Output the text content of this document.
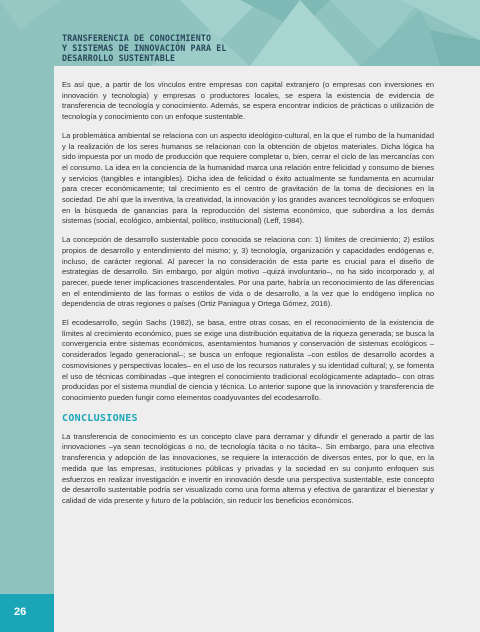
TRANSFERENCIA DE CONOCIMIENTO
Y SISTEMAS DE INNOVACIÓN PARA EL
DESARROLLO SUSTENTABLE

Es así que, a partir de los vínculos entre empresas con capital extranjero (o empresas con inversiones en innovación y tecnología) y empresas o productores locales, se espera la existencia de evidencia de transferencia de tecnología y conocimiento. Además, se espera encontrar indicios de prácticas o utilización de tecnología y conocimiento con un enfoque sustentable.

La problemática ambiental se relaciona con un aspecto ideológico-cultural, en la que el rumbo de la humanidad y la realización de los seres humanos se relacionan con la obtención de objetos materiales. Dicha lógica ha sido impuesta por un modo de producción que requiere completar o, bien, cerrar el ciclo de las mercancías con el consumo. La idea en la conciencia de la humanidad marca una relación entre felicidad y consumo de bienes y servicios (tangibles e intangibles). Dicha idea de felicidad o éxito actualmente se fundamenta en acumular para crecer económicamente; tal crecimiento es el centro de gravitación de la toma de decisiones en la sociedad. De ahí que la inventiva, la creatividad, la innovación y los grandes avances tecnológicos se enfoquen en la búsqueda de ganancias para la reproducción del sistema económico, que subordina a los demás sistemas (social, ecológico, ambiental, político, institucional) (Leff, 1984).

La concepción de desarrollo sustentable poco conocida se relaciona con: 1) límites de crecimiento; 2) estilos propios de desarrollo y entendimiento del mismo; y, 3) tecnología, organización y capacidades endógenas e, incluso, de carácter regional. Al parecer la no consideración de esta parte es crucial para el diseño de estrategias de desarrollo. Sin embargo, por algún motivo –quizá involuntario–, no ha sido incorporado y, al parecer, puede tener implicaciones trascendentales. Por una parte, habría un reconocimiento de las diferencias en el entendimiento de las formas o estilos de vida o de desarrollo, a la vez que lo endógeno implica no dependencia de otras regiones o países (Ortiz Paniagua y Ortega Gómez, 2016).

El ecodesarrollo, según Sachs (1982), se basa, entre otras cosas, en el reconocimiento de la existencia de límites al crecimiento económico, pues se exige una distribución equitativa de la riqueza generada; se busca la convergencia entre sistemas económicos, asentamientos humanos y conservación de sistemas ecológicos –considerados legado generacional–; se busca un enfoque regionalista –con estilos de desarrollo acordes a cosmovisiones y perspectivas locales– en el uso de los recursos naturales y su identidad cultural; y, se fomenta el uso de técnicas combinadas –que integren el conocimiento tradicional ecológicamente adaptado– con otras producidas por el sistema mundial de ciencia y técnica. Lo anterior supone que la innovación y transferencia de conocimiento pueden fungir como elementos coadyuvantes del ecodesarrollo.

CONCLUSIONES

La transferencia de conocimiento es un concepto clave para derramar y difundir el generado a partir de las innovaciones –ya sean tecnológicas o no, de tecnología tácita o no tácita–. Sin embargo, para una efectiva transferencia y adopción de las innovaciones, se requiere la interacción de diversos entes, por lo que, en la medida que las empresas, instituciones públicas y privadas y la sociedad en su conjunto enfoquen sus esfuerzos en realizar investigación e invertir en innovación desde una perspectiva sustentable, este concepto de desarrollo sustentable podría ser visualizado como una forma alterna y efectiva de garantizar el bienestar y calidad de vida presente y futuro de la población, sin reducir los beneficios económicos.

26
